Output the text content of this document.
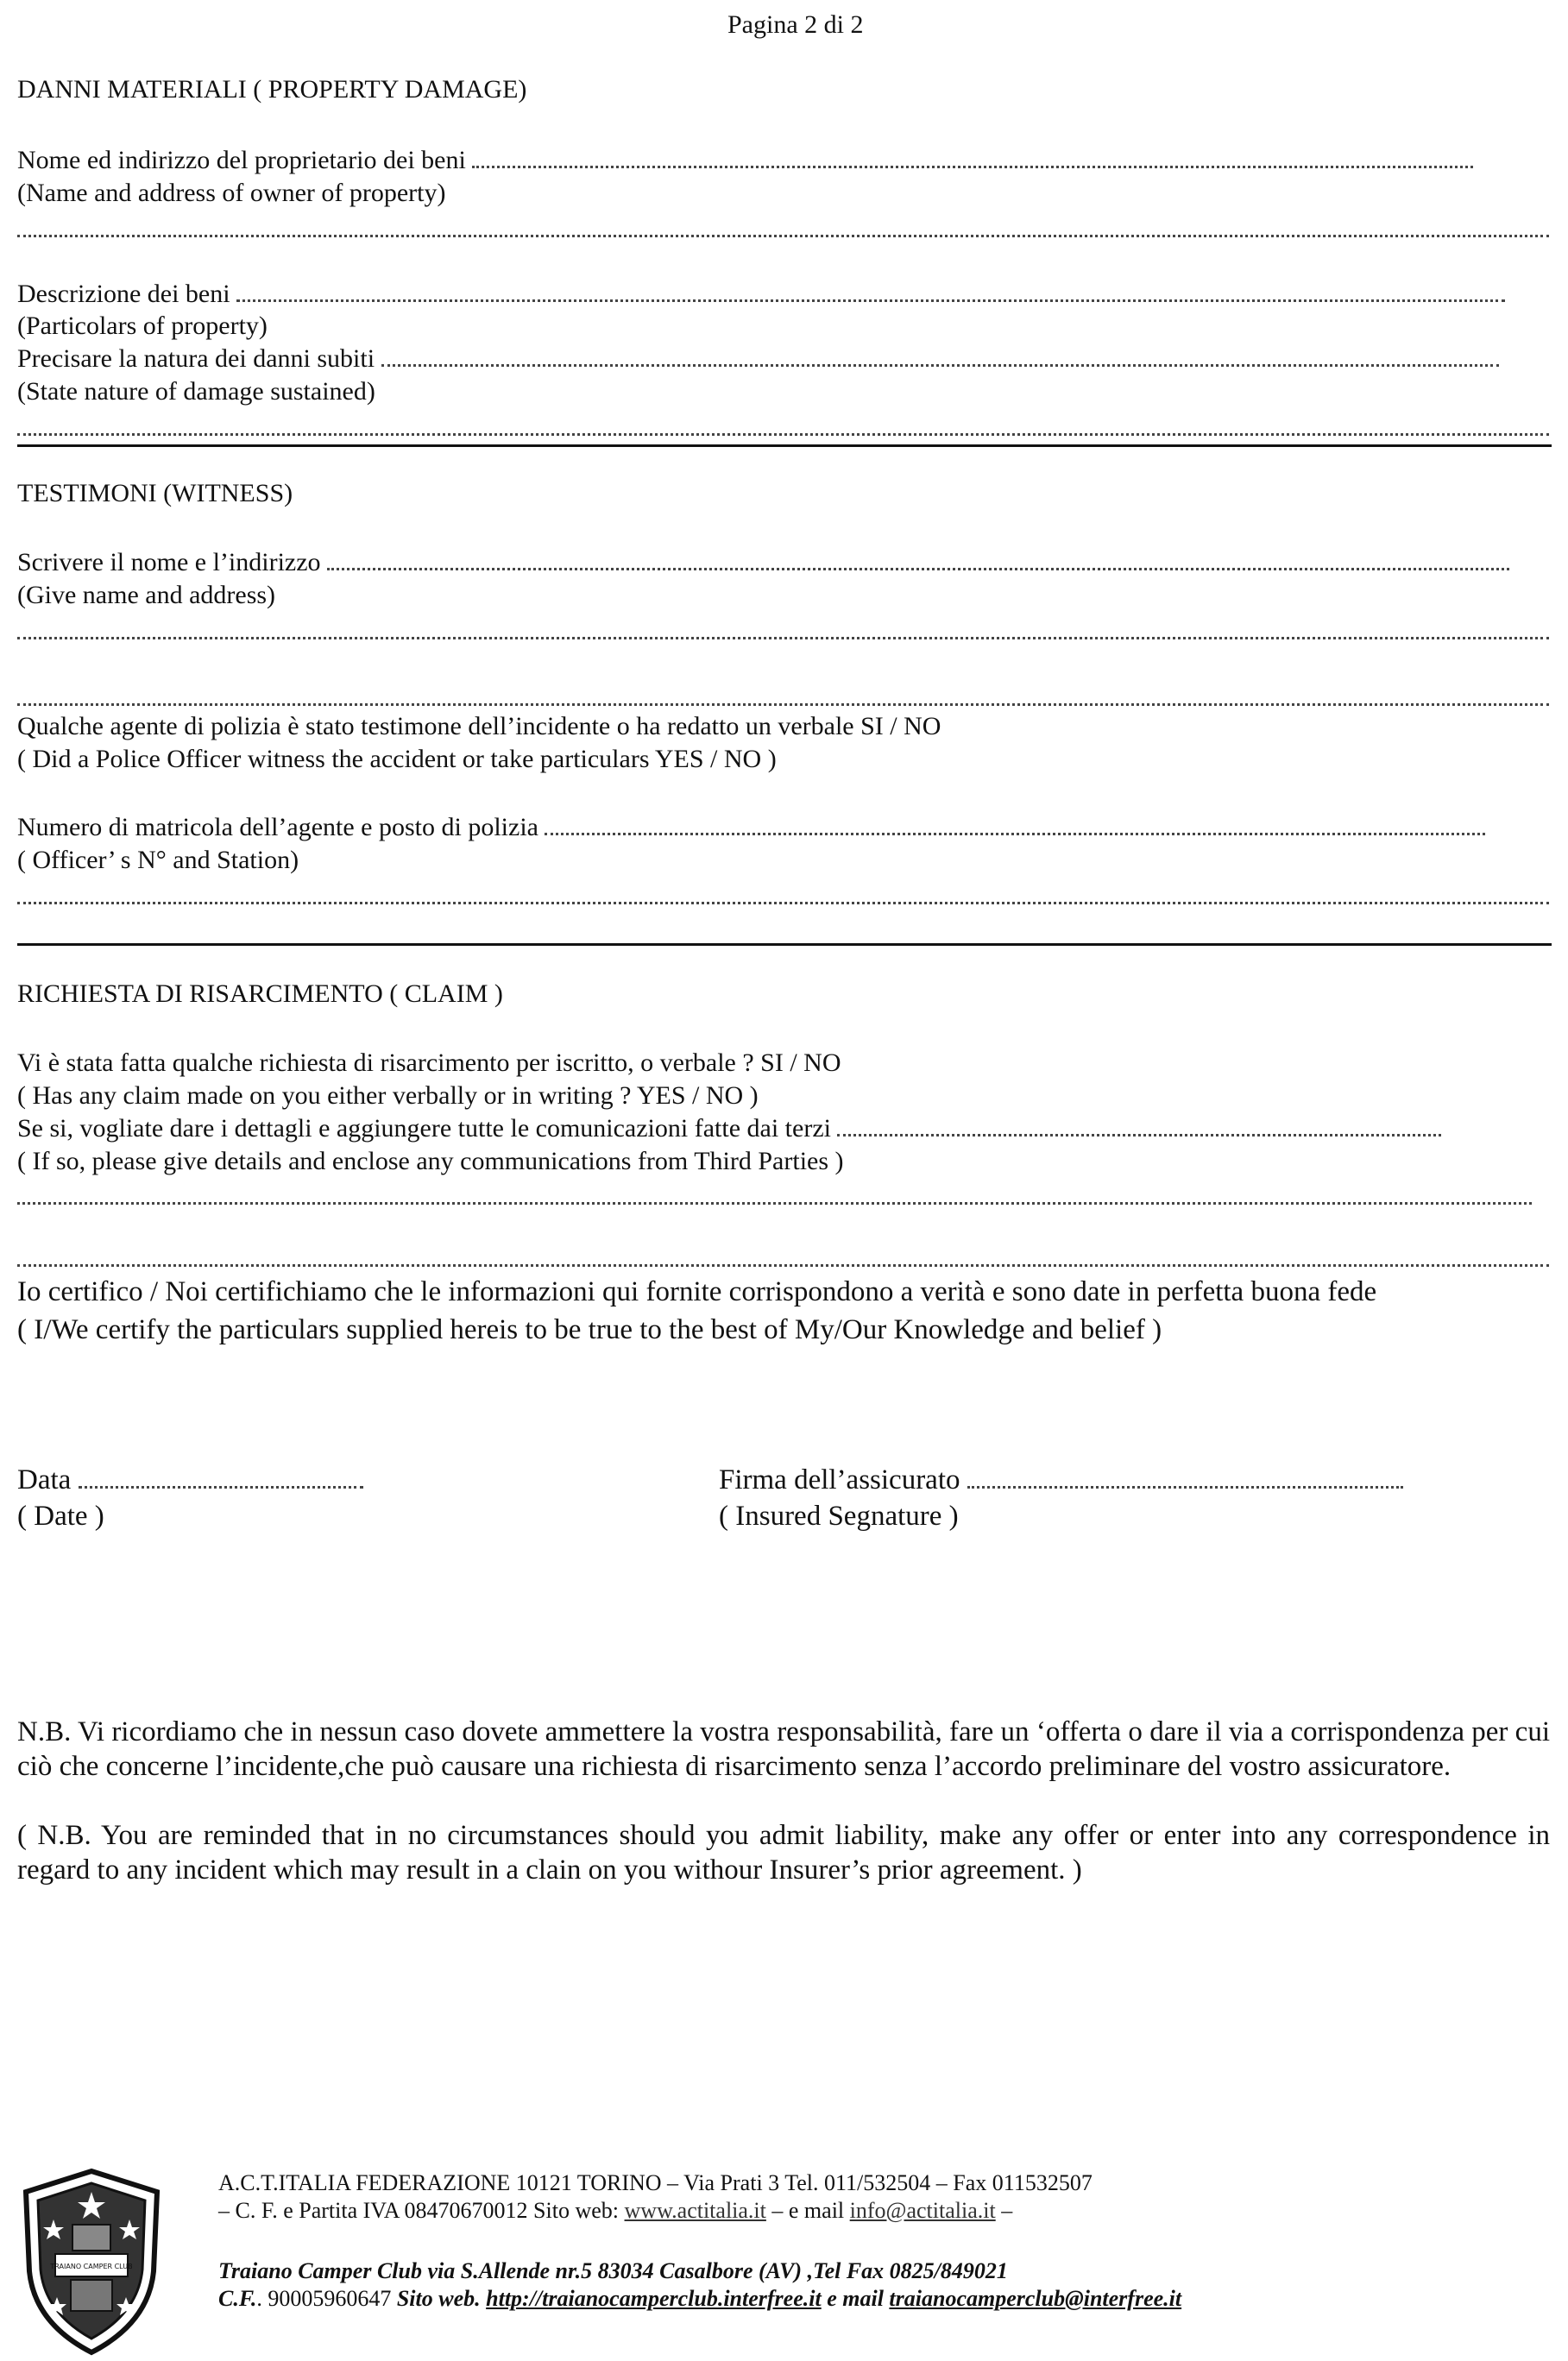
Pagina 2 di 2
DANNI MATERIALI ( PROPERTY DAMAGE)
Nome ed indirizzo del proprietario dei beni
(Name and address of owner of property)
Descrizione dei beni
(Particolars of property)
Precisare la natura dei danni subiti
(State nature of damage sustained)
TESTIMONI (WITNESS)
Scrivere il nome e l’indirizzo
(Give name and address)
Qualche agente di polizia è stato testimone dell’incidente o ha redatto un verbale SI / NO
( Did a Police Officer witness the accident or take particulars YES / NO )
Numero di matricola dell’agente e posto di polizia
( Officer’ s N° and Station)
RICHIESTA DI RISARCIMENTO ( CLAIM )
Vi è stata fatta qualche richiesta di risarcimento per iscritto, o verbale ? SI / NO
( Has any claim made on you either verbally or in writing ? YES / NO )
Se si, vogliate dare i dettagli e aggiungere tutte le comunicazioni fatte dai terzi
( If so, please give details and enclose any communications from Third Parties )
Io certifico / Noi certifichiamo che le informazioni qui fornite corrispondono a verità e sono date in perfetta buona fede
( I/We certify the particulars supplied hereis to be true to the best of My/Our Knowledge and belief )
Data
( Date )
Firma dell’assicurato
( Insured Segnature )
N.B. Vi ricordiamo che in nessun caso dovete ammettere la vostra responsabilità, fare un ‘offerta o dare il via a corrispondenza per cui ciò che concerne l’incidente,che può causare una richiesta di risarcimento senza l’accordo preliminare del vostro assicuratore.
( N.B. You are reminded that in no circumstances should you admit liability, make any offer or enter into any correspondence in regard to any incident which may result in a clain on you withour Insurer’s prior agreement. )
TRAIANO CAMPER CLUB
A.C.T.ITALIA FEDERAZIONE 10121 TORINO – Via Prati 3 Tel. 011/532504 – Fax 011532507
– C. F. e Partita IVA 08470670012 Sito web: www.actitalia.it – e mail info@actitalia.it –
Traiano Camper Club via S.Allende nr.5 83034 Casalbore (AV) ,Tel Fax 0825/849021
C.F.. 90005960647 Sito web. http://traianocamperclub.interfree.it e mail traianocamperclub@interfree.it
